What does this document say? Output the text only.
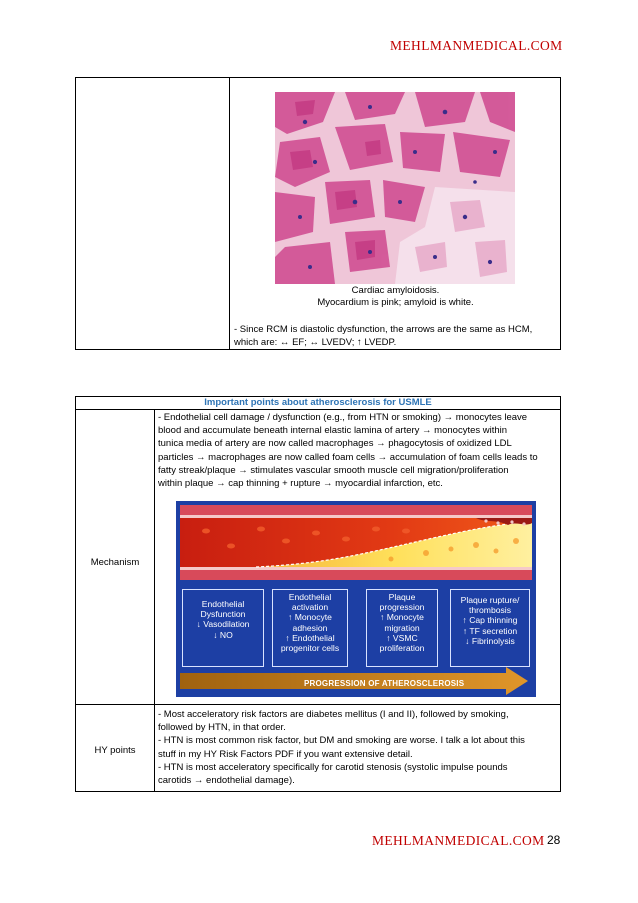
MEHLMANMEDICAL.COM
Cardiac amyloidosis.
Myocardium is pink; amyloid is white.
- Since RCM is diastolic dysfunction, the arrows are the same as HCM,
which are: ↔ EF; ↔ LVEDV; ↑ LVEDP.
Important points about atherosclerosis for USMLE
Mechanism
- Endothelial cell damage / dysfunction (e.g., from HTN or smoking) → monocytes leave
blood and accumulate beneath internal elastic lamina of artery → monocytes within
tunica media of artery are now called macrophages → phagocytosis of oxidized LDL
particles → macrophages are now called foam cells → accumulation of foam cells leads to
fatty streak/plaque → stimulates vascular smooth muscle cell migration/proliferation
within plaque → cap thinning + rupture → myocardial infarction, etc.
Endothelial
Dysfunction
↓ Vasodilation
↓ NO
Endothelial
activation
↑ Monocyte
adhesion
↑ Endothelial
progenitor cells
Plaque
progression
↑ Monocyte
migration
↑ VSMC
proliferation
Plaque rupture/
thrombosis
↑ Cap thinning
↑ TF secretion
↓ Fibrinolysis
PROGRESSION OF ATHEROSCLEROSIS
HY points
- Most acceleratory risk factors are diabetes mellitus (I and II), followed by smoking,
followed by HTN, in that order.
- HTN is most common risk factor, but DM and smoking are worse. I talk a lot about this
stuff in my HY Risk Factors PDF if you want extensive detail.
- HTN is most acceleratory specifically for carotid stenosis (systolic impulse pounds
carotids → endothelial damage).
MEHLMANMEDICAL.COM 28
